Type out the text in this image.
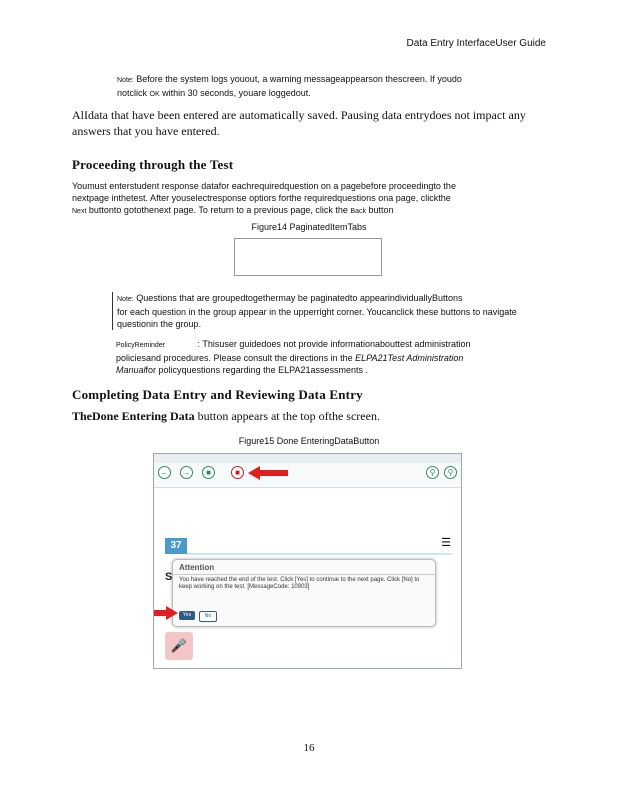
Data Entry InterfaceUser Guide
Note: Before the system logs youout, a warning messageappearson thescreen. If youdo
notclick OK within 30 seconds, youare loggedout.
AlIdata that have been entered are automatically saved. Pausing data entrydoes not impact any answers that you have entered.
Proceeding through the Test
Youmust enterstudent response datafor eachrequiredquestion on a pagebefore proceedingto the
nextpage inthetest. After youselectresponse optiors forthe requiredquestions ona page, clickthe
Next buttonto gotothenext page. To return to a previous page, click the Back button
Figure14 PaginatedItemTabs
Note: Questions that are groupedtogethermay be paginatedto appearindividuallyButtons
for each question in the group appear in the upperright corner. Youcanclick these buttons to navigate
questionin the group.
PolicyReminder	: Thisuser guidedoes not provide informationabouttest administration
policiesand procedures. Please consult the directions in the ELPA21Test Administration
Manualfor policyquestions regarding the ELPA21assessments .
Completing Data Entry and Reviewing Data Entry
TheDone Entering Data button appears at the top ofthe screen.
Figure15 Done EnteringDataButton
←	→	■	■	⚲	⚲
37	☰
S
Attention
You have reached the end of the test. Click [Yes] to continue to the next page. Click [No] to keep working on the test. [MessageCode: 10903]
Yes	No
🎤
16
